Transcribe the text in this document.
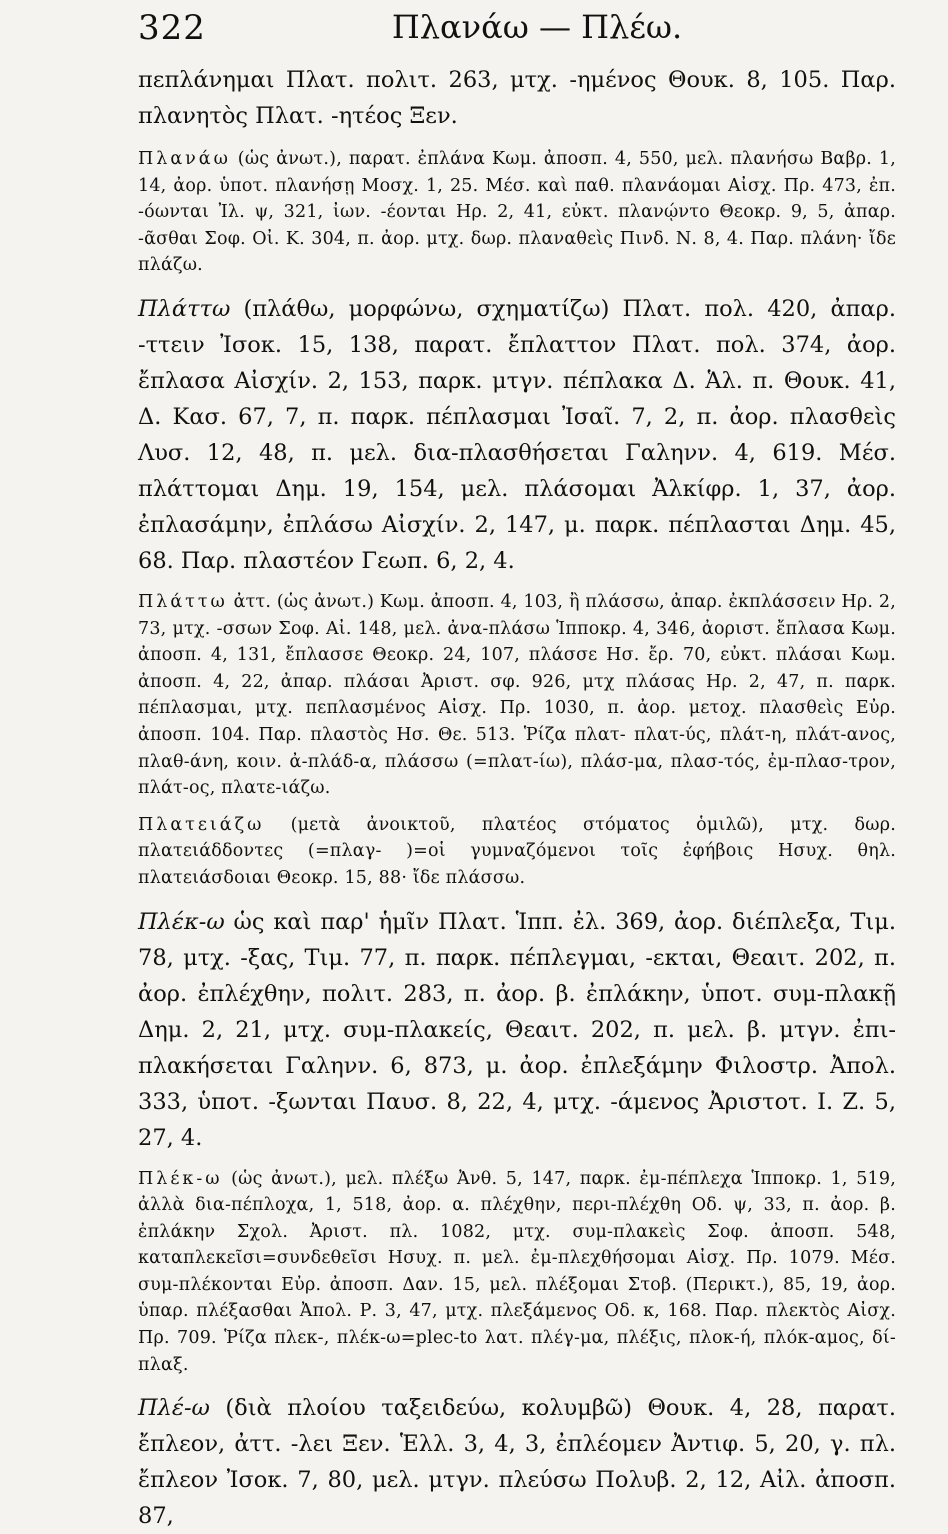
322	Πλανάω — Πλέω.

πεπλάνημαι Πλατ. πολιτ. 263, μτχ. -ημένος Θουκ. 8, 105. Παρ. πλανητὸς Πλατ. -ητέος Ξεν.

Πλανάω (ὡς ἀνωτ.), παρατ. ἐπλάνα Κωμ. ἀποσπ. 4, 550, μελ. πλανήσω Βαβρ. 1, 14, ἀορ. ὑποτ. πλανήσῃ Μοσχ. 1, 25. Μέσ. καὶ παθ. πλανάομαι Αἰσχ. Πρ. 473, ἐπ. -όωνται Ἰλ. ψ, 321, ἰων. -έονται Ηρ. 2, 41, εὐκτ. πλανῴντο Θεοκρ. 9, 5, ἀπαρ. -ᾶσθαι Σοφ. Οἰ. Κ. 304, π. ἀορ. μτχ. δωρ. πλαναθεὶς Πινδ. Ν. 8, 4. Παρ. πλάνη· ἴδε πλάζω.

Πλάττω (πλάθω, μορφώνω, σχηματίζω) Πλατ. πολ. 420, ἀπαρ. -ττειν Ἰσοκ. 15, 138, παρατ. ἔπλαττον Πλατ. πολ. 374, ἀορ. ἔπλασα Αἰσχίν. 2, 153, παρκ. μτγν. πέπλακα Δ. Ἁλ. π. Θουκ. 41, Δ. Κασ. 67, 7, π. παρκ. πέπλασμαι Ἰσαῖ. 7, 2, π. ἀορ. πλασθεὶς Λυσ. 12, 48, π. μελ. δια-πλασθήσεται Γαληνν. 4, 619. Μέσ. πλάττομαι Δημ. 19, 154, μελ. πλάσομαι Ἀλκίφρ. 1, 37, ἀορ. ἐπλασάμην, ἐπλάσω Αἰσχίν. 2, 147, μ. παρκ. πέπλασται Δημ. 45, 68. Παρ. πλαστέον Γεωπ. 6, 2, 4.

Πλάττω ἀττ. (ὡς ἀνωτ.) Κωμ. ἀποσπ. 4, 103, ἢ πλάσσω, ἀπαρ. ἐκπλάσσειν Ηρ. 2, 73, μτχ. -σσων Σοφ. Αἰ. 148, μελ. ἀνα-πλάσω Ἱπποκρ. 4, 346, ἀοριστ. ἔπλασα Κωμ. ἀποσπ. 4, 131, ἔπλασσε Θεοκρ. 24, 107, πλάσσε Ησ. ἔρ. 70, εὐκτ. πλάσαι Κωμ. ἀποσπ. 4, 22, ἀπαρ. πλάσαι Ἀριστ. σφ. 926, μτχ πλάσας Ηρ. 2, 47, π. παρκ. πέπλασμαι, μτχ. πεπλασμένος Αἰσχ. Πρ. 1030, π. ἀορ. μετοχ. πλασθεὶς Εὐρ. ἀποσπ. 104. Παρ. πλαστὸς Ησ. Θε. 513. Ῥίζα πλατ- πλατ-ύς, πλάτ-η, πλάτ-ανος, πλαθ-άνη, κοιν. ἀ-πλάδ-α, πλάσσω (=πλατ-ίω), πλάσ-μα, πλασ-τός, ἐμ-πλασ-τρον, πλάτ-ος, πλατε-ιάζω.

Πλατειάζω (μετὰ ἀνοικτοῦ, πλατέος στόματος ὁμιλῶ), μτχ. δωρ. πλατειάδδοντες (=πλαγ- )=οἱ γυμναζόμενοι τοῖς ἐφήβοις Ησυχ. θηλ. πλατειάσδοιαι Θεοκρ. 15, 88· ἴδε πλάσσω.

Πλέκ-ω ὡς καὶ παρ' ἡμῖν Πλατ. Ἱππ. ἐλ. 369, ἀορ. διέπλεξα, Τιμ. 78, μτχ. -ξας, Τιμ. 77, π. παρκ. πέπλεγμαι, -εκται, Θεαιτ. 202, π. ἀορ. ἐπλέχθην, πολιτ. 283, π. ἀορ. β. ἐπλάκην, ὑποτ. συμ-πλακῇ Δημ. 2, 21, μτχ. συμ-πλακείς, Θεαιτ. 202, π. μελ. β. μτγν. ἐπι-πλακήσεται Γαληνν. 6, 873, μ. ἀορ. ἐπλεξάμην Φιλοστρ. Ἀπολ. 333, ὑποτ. -ξωνται Παυσ. 8, 22, 4, μτχ. -άμενος Ἀριστοτ. Ι. Ζ. 5, 27, 4.

Πλέκ-ω (ὡς ἀνωτ.), μελ. πλέξω Ἀνθ. 5, 147, παρκ. ἐμ-πέπλεχα Ἱπποκρ. 1, 519, ἀλλὰ δια-πέπλοχα, 1, 518, ἀορ. α. πλέχθην, περι-πλέχθη Οδ. ψ, 33, π. ἀορ. β. ἐπλάκην Σχολ. Ἀριστ. πλ. 1082, μτχ. συμ-πλακεὶς Σοφ. ἀποσπ. 548, καταπλεκεῖσι=συνδεθεῖσι Ησυχ. π. μελ. ἐμ-πλεχθήσομαι Αἰσχ. Πρ. 1079. Μέσ. συμ-πλέκονται Εὐρ. ἀποσπ. Δαν. 15, μελ. πλέξομαι Στοβ. (Περικτ.), 85, 19, ἀορ. ὑπαρ. πλέξασθαι Ἀπολ. Ρ. 3, 47, μτχ. πλεξάμενος Οδ. κ, 168. Παρ. πλεκτὸς Αἰσχ. Πρ. 709. Ῥίζα πλεκ-, πλέκ-ω=plec-to λατ. πλέγ-μα, πλέξις, πλοκ-ή, πλόκ-αμος, δί-πλαξ.

Πλέ-ω (διὰ πλοίου ταξειδεύω, κολυμβῶ) Θουκ. 4, 28, παρατ. ἔπλεον, ἀττ. -λει Ξεν. Ἑλλ. 3, 4, 3, ἐπλέομεν Ἀντιφ. 5, 20, γ. πλ. ἔπλεον Ἰσοκ. 7, 80, μελ. μτγν. πλεύσω Πολυβ. 2, 12, Αἰλ. ἀποσπ. 87,
